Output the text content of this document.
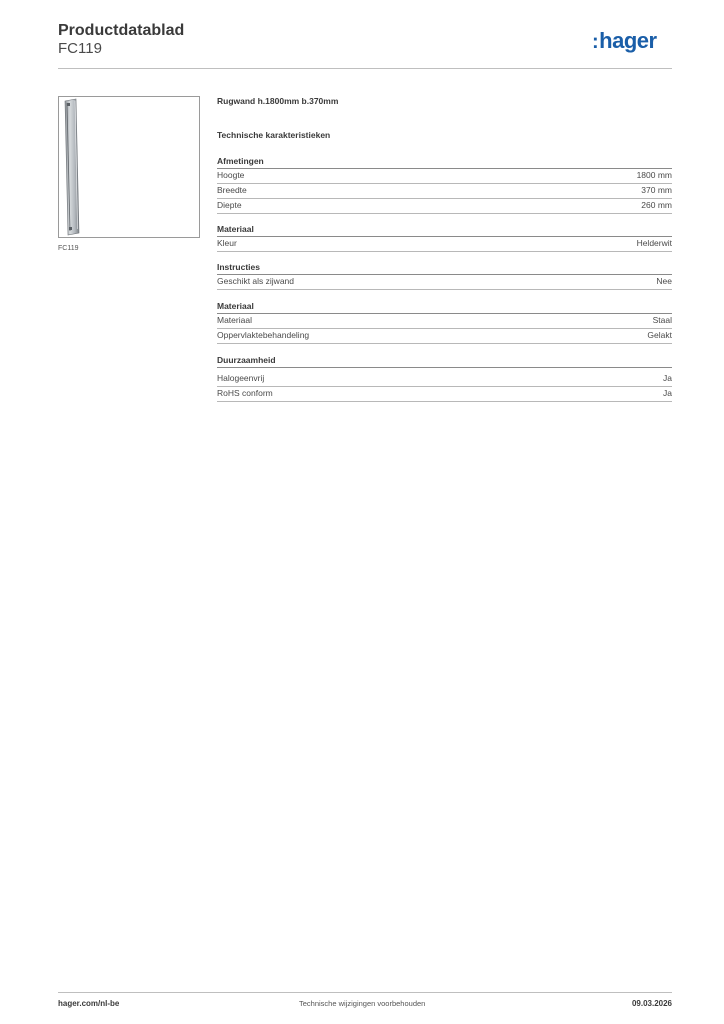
Productdatablad
FC119	:hager
FC119
Rugwand h.1800mm b.370mm
Technische karakteristieken
Afmetingen
Hoogte	1800 mm
Breedte	370 mm
Diepte	260 mm
Materiaal
Kleur	Helderwit
Instructies
Geschikt als zijwand	Nee
Materiaal
Materiaal	Staal
Oppervlaktebehandeling	Gelakt
Duurzaamheid
Halogeenvrij	Ja
RoHS conform	Ja
hager.com/nl-be	Technische wijzigingen voorbehouden	09.03.2026
